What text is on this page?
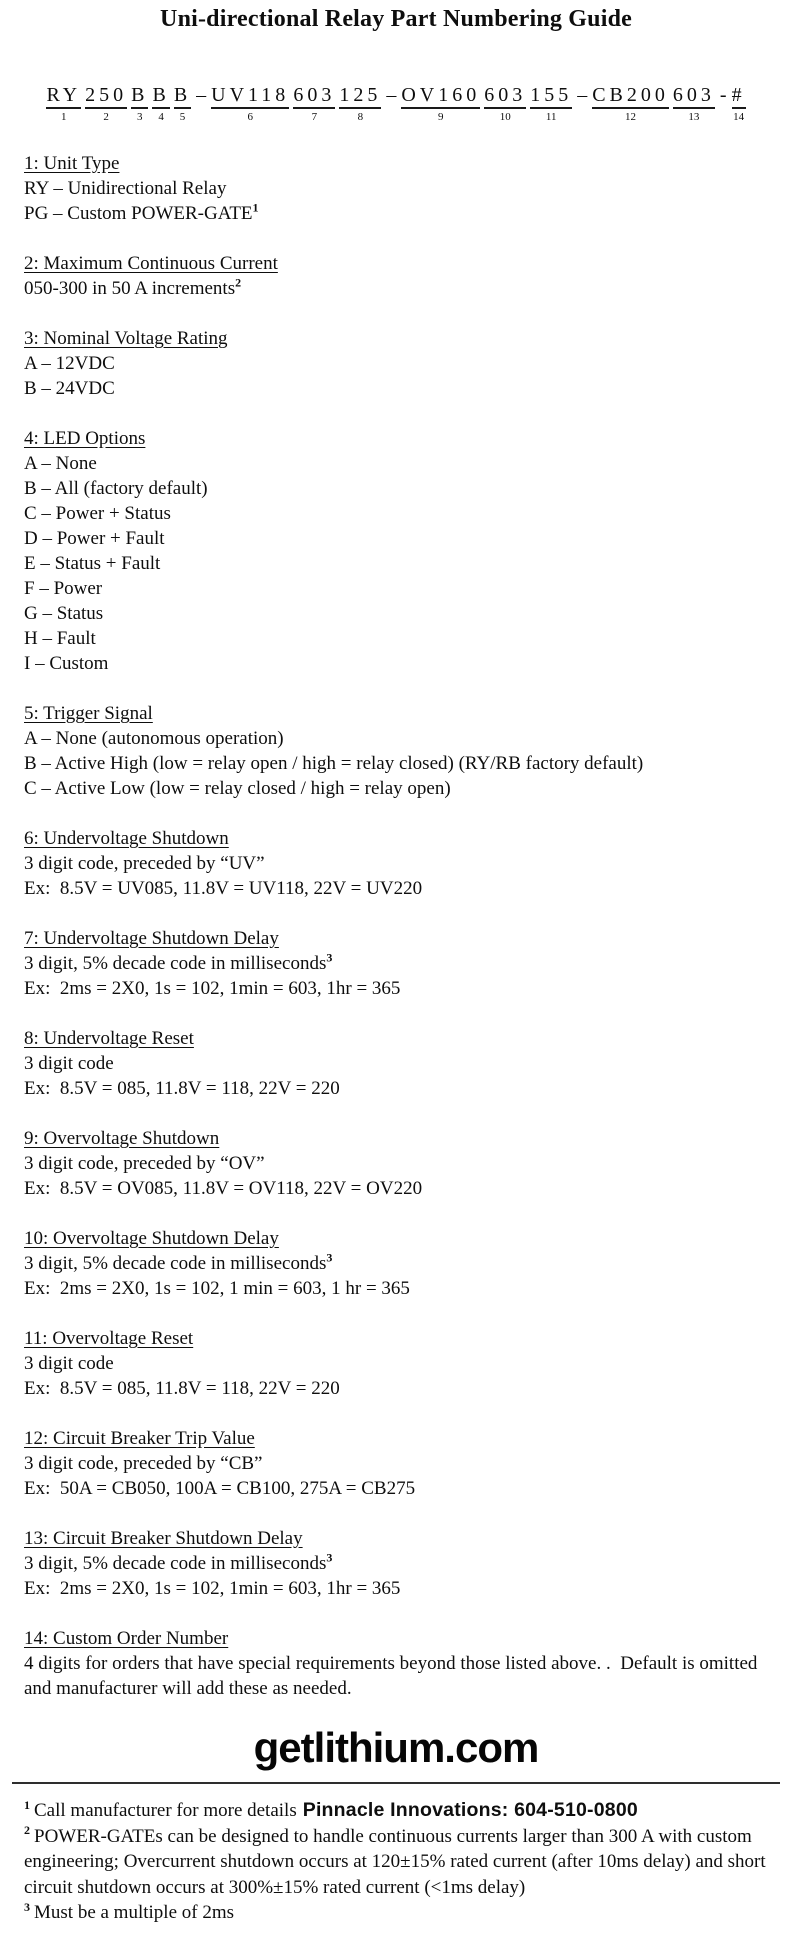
Uni-directional Relay Part Numbering Guide
RY
1
250
2
B
3
B
4
B
5
–
UV118
6
603
7
125
8
–
OV160
9
603
10
155
11
–
CB200
12
603
13
-
#
14
1: Unit Type
RY – Unidirectional Relay
PG – Custom POWER-GATE$^1$
2: Maximum Continuous Current
050-300 in 50 A increments$^2$
3: Nominal Voltage Rating
A – 12VDC
B – 24VDC
4: LED Options
A – None
B – All (factory default)
C – Power + Status
D – Power + Fault
E – Status + Fault
F – Power
G – Status
H – Fault
I – Custom
5: Trigger Signal
A – None (autonomous operation)
B – Active High (low = relay open / high = relay closed) (RY/RB factory default)
C – Active Low (low = relay closed / high = relay open)
6: Undervoltage Shutdown
3 digit code, preceded by “UV”
Ex:  8.5V = UV085, 11.8V = UV118, 22V = UV220
7: Undervoltage Shutdown Delay
3 digit, 5% decade code in milliseconds$^3$
Ex:  2ms = 2X0, 1s = 102, 1min = 603, 1hr = 365
8: Undervoltage Reset
3 digit code
Ex:  8.5V = 085, 11.8V = 118, 22V = 220
9: Overvoltage Shutdown
3 digit code, preceded by “OV”
Ex:  8.5V = OV085, 11.8V = OV118, 22V = OV220
10: Overvoltage Shutdown Delay
3 digit, 5% decade code in milliseconds$^3$
Ex:  2ms = 2X0, 1s = 102, 1 min = 603, 1 hr = 365
11: Overvoltage Reset
3 digit code
Ex:  8.5V = 085, 11.8V = 118, 22V = 220
12: Circuit Breaker Trip Value
3 digit code, preceded by “CB”
Ex:  50A = CB050, 100A = CB100, 275A = CB275
13: Circuit Breaker Shutdown Delay
3 digit, 5% decade code in milliseconds$^3$
Ex:  2ms = 2X0, 1s = 102, 1min = 603, 1hr = 365
14: Custom Order Number
4 digits for orders that have special requirements beyond those listed above. .  Default is omitted and manufacturer will add these as needed.
getlithium.com
$^1$ Call manufacturer for more details Pinnacle Innovations: 604-510-0800
$^2$ POWER-GATEs can be designed to handle continuous currents larger than 300 A with custom engineering; Overcurrent shutdown occurs at 120±15% rated current (after 10ms delay) and short circuit shutdown occurs at 300%±15% rated current (<1ms delay)
$^3$ Must be a multiple of 2ms
